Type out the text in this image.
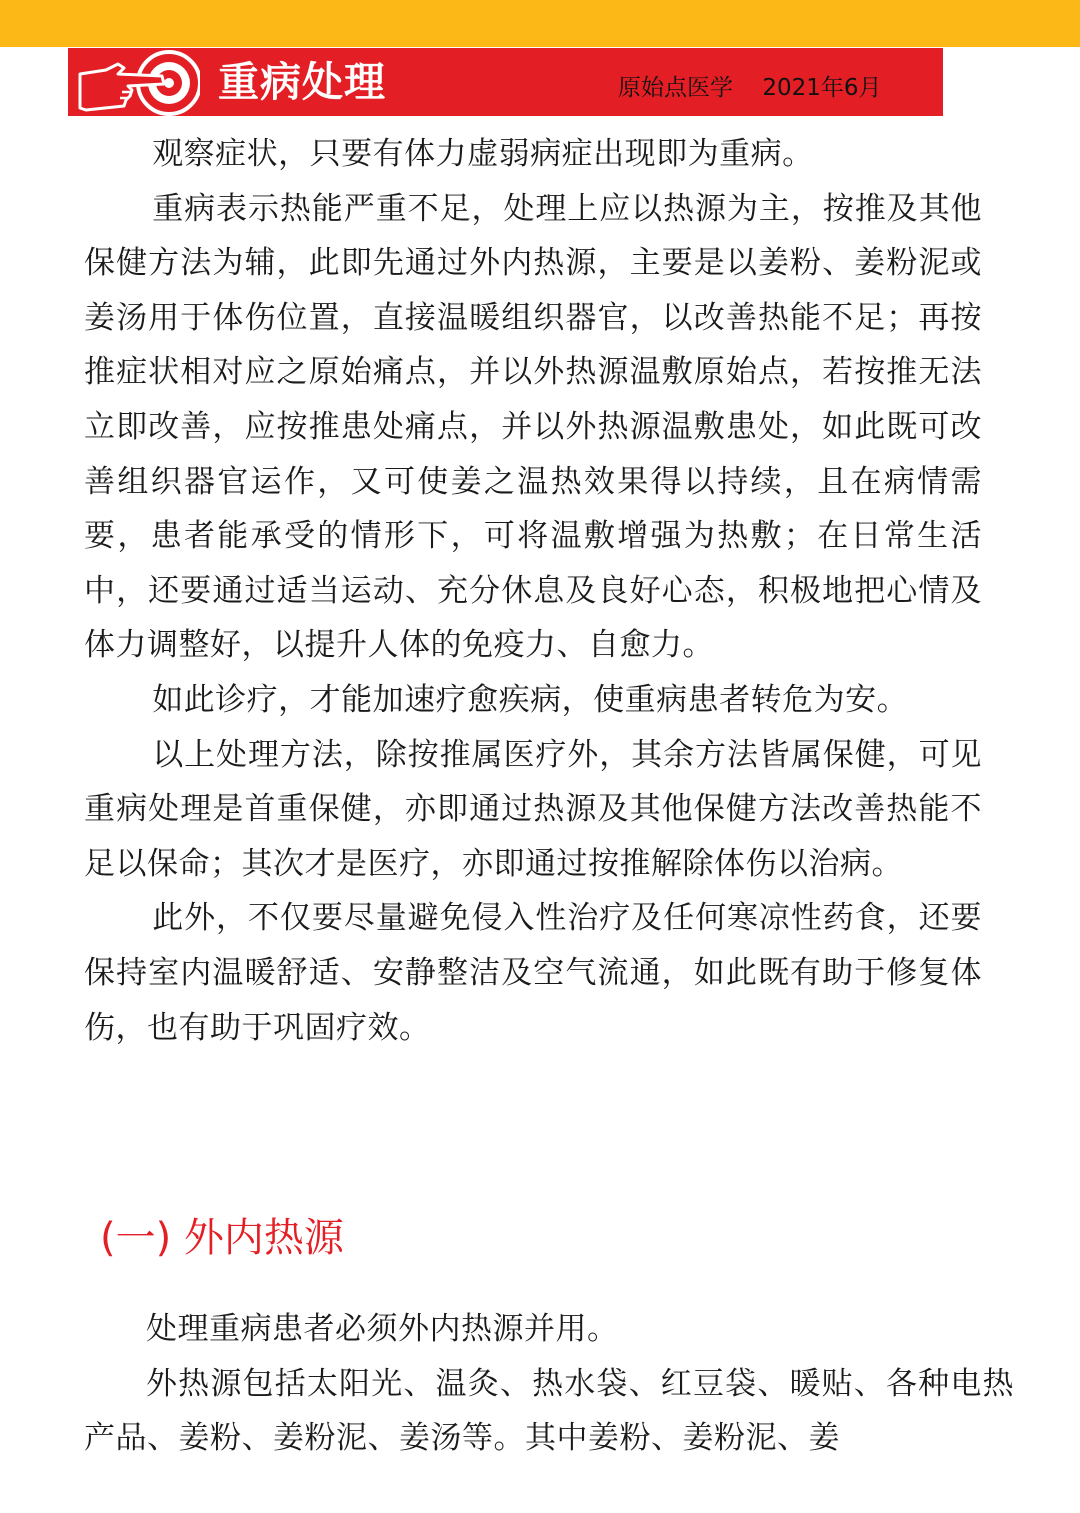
重病处理	原始点医学 2021年6月

观察症状，只要有体力虚弱病症出现即为重病。

重病表示热能严重不足，处理上应以热源为主，按推及其他保健方法为辅，此即先通过外内热源，主要是以姜粉、姜粉泥或姜汤用于体伤位置，直接温暖组织器官，以改善热能不足；再按推症状相对应之原始痛点，并以外热源温敷原始点，若按推无法立即改善，应按推患处痛点，并以外热源温敷患处，如此既可改善组织器官运作，又可使姜之温热效果得以持续，且在病情需要，患者能承受的情形下，可将温敷增强为热敷；在日常生活中，还要通过适当运动、充分休息及良好心态，积极地把心情及体力调整好，以提升人体的免疫力、自愈力。

如此诊疗，才能加速疗愈疾病，使重病患者转危为安。

以上处理方法，除按推属医疗外，其余方法皆属保健，可见重病处理是首重保健，亦即通过热源及其他保健方法改善热能不足以保命；其次才是医疗，亦即通过按推解除体伤以治病。

此外，不仅要尽量避免侵入性治疗及任何寒凉性药食，还要保持室内温暖舒适、安静整洁及空气流通，如此既有助于修复体伤，也有助于巩固疗效。

(一) 外内热源

处理重病患者必须外内热源并用。

外热源包括太阳光、温灸、热水袋、红豆袋、暖贴、各种电热产品、姜粉、姜粉泥、姜汤等。其中姜粉、姜粉泥、姜
